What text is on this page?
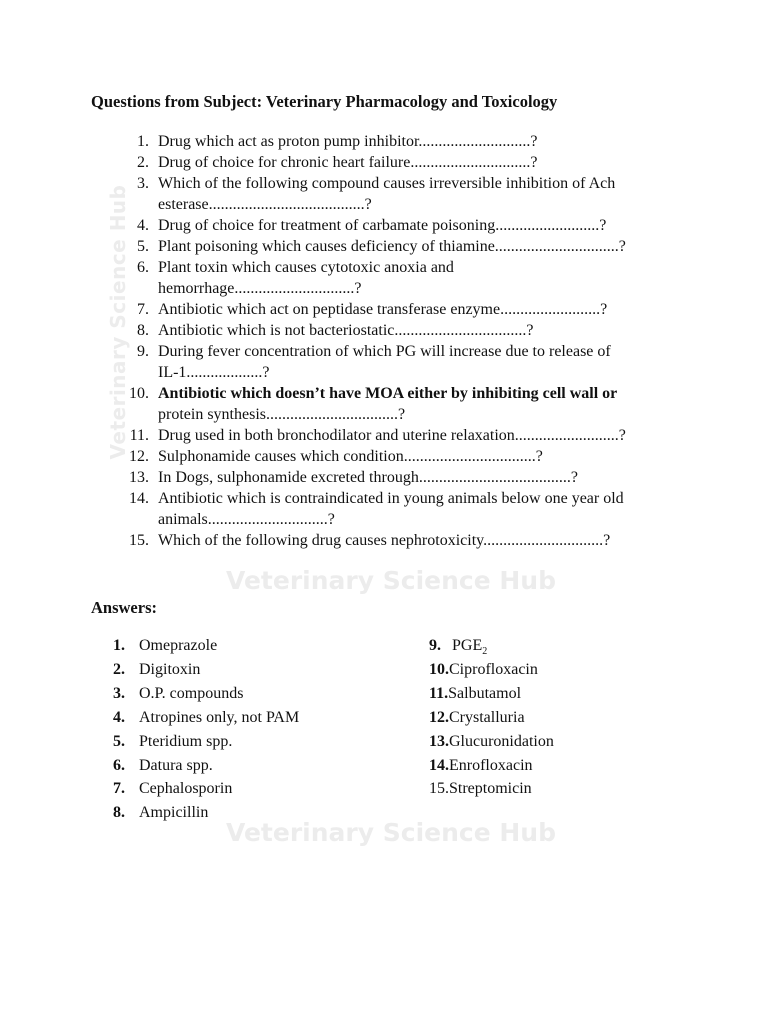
Veterinary Science Hub
Veterinary Science Hub
Veterinary Science Hub
Questions from Subject: Veterinary Pharmacology and Toxicology
1. Drug which act as proton pump inhibitor............................?
2. Drug of choice for chronic heart failure..............................?
3. Which of the following compound causes irreversible inhibition of Ach
esterase.......................................?
4. Drug of choice for treatment of carbamate poisoning..........................?
5. Plant poisoning which causes deficiency of thiamine...............................?
6. Plant toxin which causes cytotoxic anoxia and
hemorrhage..............................?
7. Antibiotic which act on peptidase transferase enzyme.........................?
8. Antibiotic which is not bacteriostatic.................................?
9. During fever concentration of which PG will increase due to release of
IL-1...................?
10. Antibiotic which doesn’t have MOA either by inhibiting cell wall or
protein synthesis.................................?
11. Drug used in both bronchodilator and uterine relaxation..........................?
12. Sulphonamide causes which condition.................................?
13. In Dogs, sulphonamide excreted through......................................?
14. Antibiotic which is contraindicated in young animals below one year old
animals..............................?
15. Which of the following drug causes nephrotoxicity..............................?
Answers:
1. Omeprazole
2. Digitoxin
3. O.P. compounds
4. Atropines only, not PAM
5. Pteridium spp.
6. Datura spp.
7. Cephalosporin
8. Ampicillin
9. $PGE_2$
10.Ciprofloxacin
11.Salbutamol
12.Crystalluria
13.Glucuronidation
14.Enrofloxacin
15.Streptomicin
